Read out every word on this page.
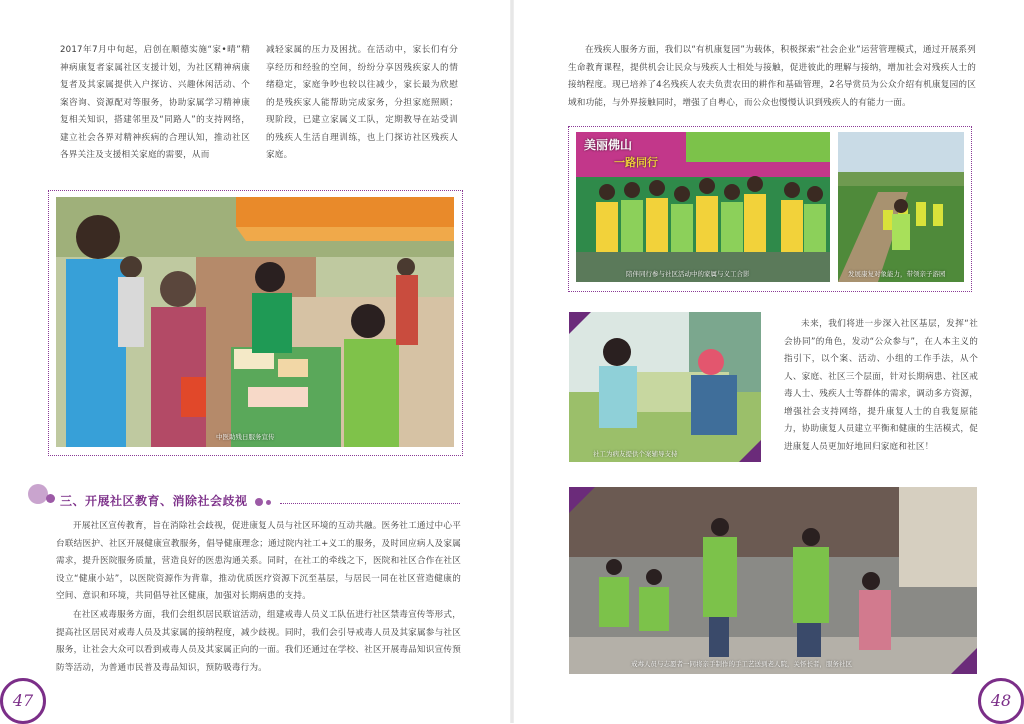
2017年7月中旬起，启创在顺德实施“家•晴”精神病康复者家属社区支援计划，为社区精神病康复者及其家属提供入户探访、兴趣休闲活动、个案咨询、资源配对等服务，协助家属学习精神康复相关知识，搭建邻里及“同路人”的支持网络，建立社会各界对精神疾病的合理认知，推动社区各界关注及支援相关家庭的需要，从而

减轻家属的压力及困扰。在活动中，家长们有分享经历和经验的空间，纷纷分享因残疾家人的情绪稳定，家庭争吵也较以往减少，家长最为欣慰的是残疾家人能帮助完成家务，分担家庭照顾；现阶段，已建立家属义工队，定期教导在站受训的残疾人生活自理训练，也上门探访社区残疾人家庭。

中医助残日服务宣传
三、开展社区教育、消除社会歧视

开展社区宣传教育，旨在消除社会歧视，促进康复人员与社区环境的互动共融。医务社工通过中心平台联结医护、社区开展健康宣教服务，倡导健康理念；通过院内社工+义工的服务，及时回应病人及家属需求，提升医院服务质量，营造良好的医患沟通关系。同时，在社工的牵线之下，医院和社区合作在社区设立“健康小站”，以医院资源作为背靠，推动优质医疗资源下沉至基层，与居民一同在社区营造健康的空间、意识和环境，共同倡导社区健康，加强对长期病患的支持。

在社区戒毒服务方面，我们会组织居民联谊活动，组建戒毒人员义工队伍进行社区禁毒宣传等形式，提高社区居民对戒毒人员及其家属的接纳程度，减少歧视。同时，我们会引导戒毒人员及其家属参与社区服务，让社会大众可以看到戒毒人员及其家属正向的一面。我们还通过在学校、社区开展毒品知识宣传预防等活动，为普通市民普及毒品知识，预防吸毒行为。

47

在残疾人服务方面，我们以“有机康复园”为载体，积极探索“社会企业”运营管理模式，通过开展系列生命教育课程，提供机会让民众与残疾人士相处与接触，促进彼此的理解与接纳，增加社会对残疾人士的接纳程度。现已培养了4名残疾人农夫负责农田的耕作和基础管理，2名导赏员为公众介绍有机康复园的区域和功能，与外界接触同时，增强了自粤心，而公众也慢慢认识到残疾人的有能力一面。

美丽佛山
一路同行
陪伴同行参与社区活动中的家属与义工合影	发展康复对象能力，带领亲子游园
社工为病友提供个案辅导支持

未来，我们将进一步深入社区基层，发挥“社会协同”的角色，发动“公众参与”，在人本主义的指引下，以个案、活动、小组的工作手法，从个人、家庭、社区三个层面，针对长期病患、社区戒毒人士、残疾人士等群体的需求，调动多方资源，增强社会支持网络，提升康复人士的自我复原能力，协助康复人员建立平衡和健康的生活模式，促进康复人员更加好地回归家庭和社区！

戒毒人员与志愿者一同将亲手制作的手工艺送到老人院，关怀长者，服务社区
48
